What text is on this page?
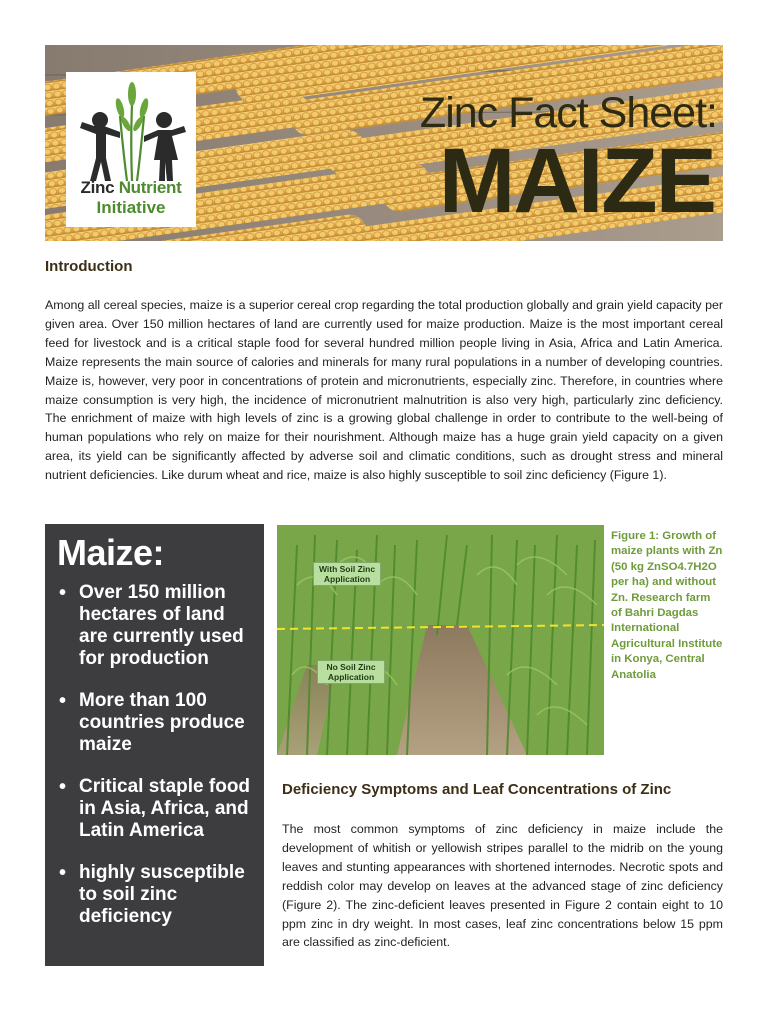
Zinc Nutrient
Initiative
Zinc Fact Sheet:
MAIZE
Introduction
Among all cereal species, maize is a superior cereal crop regarding the total production globally and grain yield capacity per given area. Over 150 million hectares of land are currently used for maize production. Maize is the most important cereal feed for livestock and is a critical staple food for several hundred million people living in Asia, Africa and Latin America. Maize represents the main source of calories and minerals for many rural populations in a number of developing countries. Maize is, however, very poor in concentrations of protein and micronutrients, especially zinc. Therefore, in countries where maize consumption is very high, the incidence of micronutrient malnutrition is also very high, particularly zinc deficiency. The enrichment of maize with high levels of zinc is a growing global challenge in order to contribute to the well-being of human populations who rely on maize for their nourishment. Although maize has a huge grain yield capacity on a given area, its yield can be significantly affected by adverse soil and climatic conditions, such as drought stress and mineral nutrient deficiencies. Like durum wheat and rice, maize is also highly susceptible to soil zinc deficiency (Figure 1).
Maize:
• Over 150 million hectares of land are currently used for production
• More than 100 countries produce maize
• Critical staple food in Asia, Africa, and Latin America
• highly susceptible to soil zinc deficiency
With Soil Zinc Application
No Soil Zinc Application
Figure 1: Growth of maize plants with Zn (50 kg ZnSO4.7H2O per ha) and without Zn. Research farm of Bahri Dagdas International Agricultural Institute in Konya, Central Anatolia
Deficiency Symptoms and Leaf Concentrations of Zinc
The most common symptoms of zinc deficiency in maize include the development of whitish or yellowish stripes parallel to the midrib on the young leaves and stunting appearances with shortened internodes. Necrotic spots and reddish color may develop on leaves at the advanced stage of zinc deficiency (Figure 2). The zinc-deficient leaves presented in Figure 2 contain eight to 10 ppm zinc in dry weight. In most cases, leaf zinc concentrations below 15 ppm are classified as zinc-deficient.
